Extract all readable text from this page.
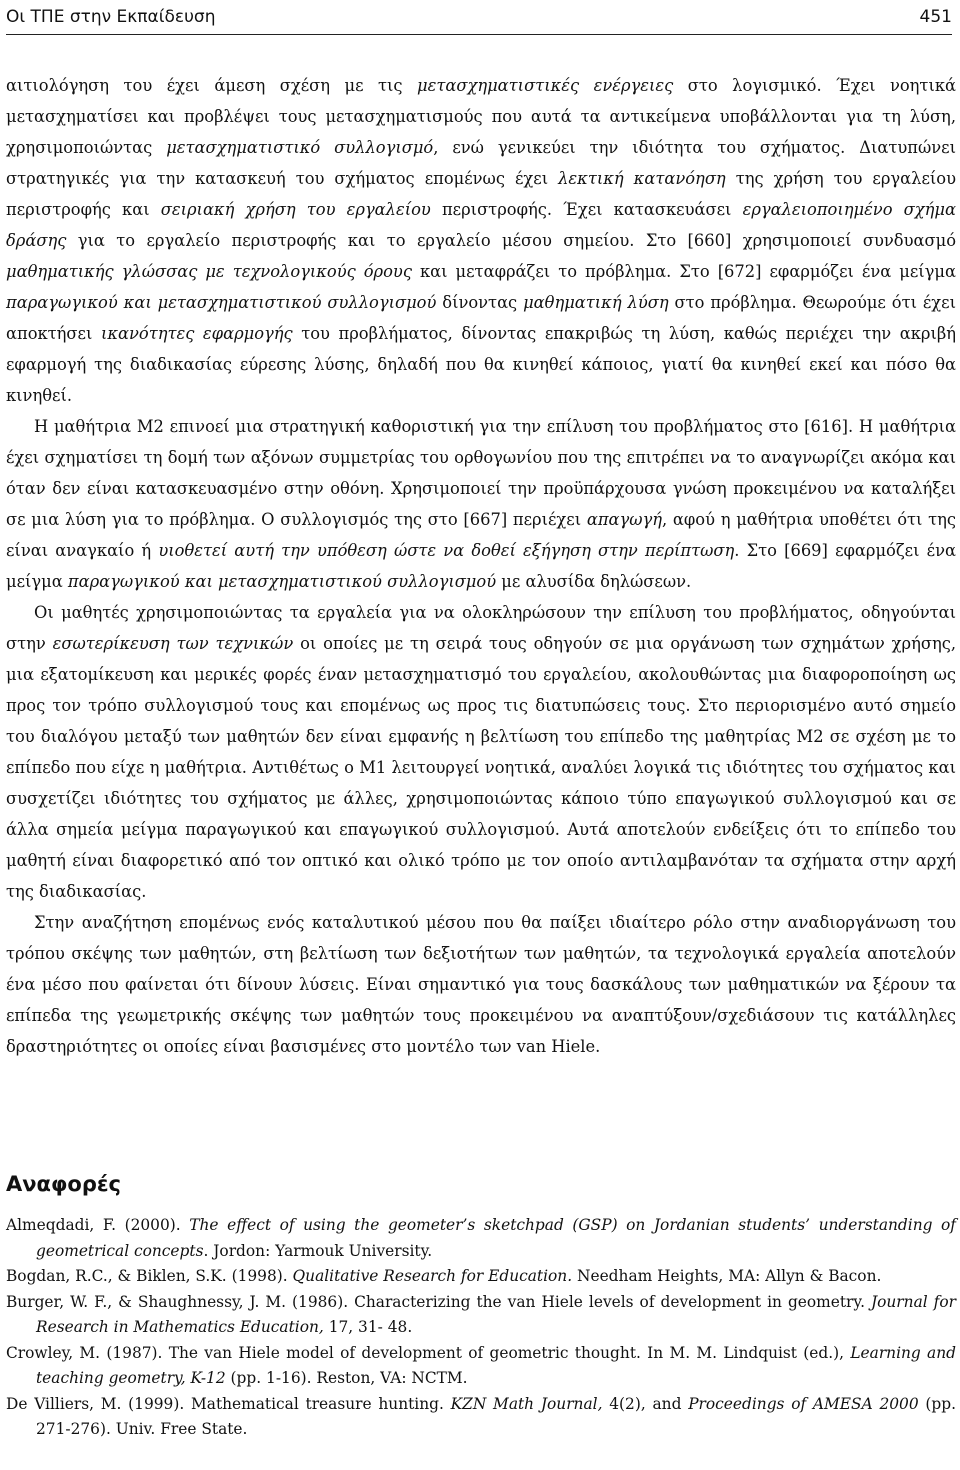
Οι ΤΠΕ στην Εκπαίδευση	451

αιτιολόγηση του έχει άμεση σχέση με τις μετασχηματιστικές ενέργειες στο λογισμικό. Έχει νοητικά μετασχηματίσει και προβλέψει τους μετασχηματισμούς που αυτά τα αντικείμενα υποβάλλονται για τη λύση, χρησιμοποιώντας μετασχηματιστικό συλλογισμό, ενώ γενικεύει την ιδιότητα του σχήματος. Διατυπώνει στρατηγικές για την κατασκευή του σχήματος επομένως έχει λεκτική κατανόηση της χρήση του εργαλείου περιστροφής και σειριακή χρήση του εργαλείου περιστροφής. Έχει κατασκευάσει εργαλειοποιημένο σχήμα δράσης για το εργαλείο περιστροφής και το εργαλείο μέσου σημείου. Στο [660] χρησιμοποιεί συνδυασμό μαθηματικής γλώσσας με τεχνολογικούς όρους και μεταφράζει το πρόβλημα. Στο [672] εφαρμόζει ένα μείγμα παραγωγικού και μετασχηματιστικού συλλογισμού δίνοντας μαθηματική λύση στο πρόβλημα. Θεωρούμε ότι έχει αποκτήσει ικανότητες εφαρμογής του προβλήματος, δίνοντας επακριβώς τη λύση, καθώς περιέχει την ακριβή εφαρμογή της διαδικασίας εύρεσης λύσης, δηλαδή που θα κινηθεί κάποιος, γιατί θα κινηθεί εκεί και πόσο θα κινηθεί.

Η μαθήτρια Μ2 επινοεί μια στρατηγική καθοριστική για την επίλυση του προβλήματος στο [616]. Η μαθήτρια έχει σχηματίσει τη δομή των αξόνων συμμετρίας του ορθογωνίου που της επιτρέπει να το αναγνωρίζει ακόμα και όταν δεν είναι κατασκευασμένο στην οθόνη. Χρησιμοποιεί την προϋπάρχουσα γνώση προκειμένου να καταλήξει σε μια λύση για το πρόβλημα. Ο συλλογισμός της στο [667] περιέχει απαγωγή, αφού η μαθήτρια υποθέτει ότι της είναι αναγκαίο ή υιοθετεί αυτή την υπόθεση ώστε να δοθεί εξήγηση στην περίπτωση. Στο [669] εφαρμόζει ένα μείγμα παραγωγικού και μετασχηματιστικού συλλογισμού με αλυσίδα δηλώσεων.

Οι μαθητές χρησιμοποιώντας τα εργαλεία για να ολοκληρώσουν την επίλυση του προβλήματος, οδηγούνται στην εσωτερίκευση των τεχνικών οι οποίες με τη σειρά τους οδηγούν σε μια οργάνωση των σχημάτων χρήσης, μια εξατομίκευση και μερικές φορές έναν μετασχηματισμό του εργαλείου, ακολουθώντας μια διαφοροποίηση ως προς τον τρόπο συλλογισμού τους και επομένως ως προς τις διατυπώσεις τους. Στο περιορισμένο αυτό σημείο του διαλόγου μεταξύ των μαθητών δεν είναι εμφανής η βελτίωση του επίπεδο της μαθητρίας Μ2 σε σχέση με το επίπεδο που είχε η μαθήτρια. Αντιθέτως ο Μ1 λειτουργεί νοητικά, αναλύει λογικά τις ιδιότητες του σχήματος και συσχετίζει ιδιότητες του σχήματος με άλλες, χρησιμοποιώντας κάποιο τύπο επαγωγικού συλλογισμού και σε άλλα σημεία μείγμα παραγωγικού και επαγωγικού συλλογισμού. Αυτά αποτελούν ενδείξεις ότι το επίπεδο του μαθητή είναι διαφορετικό από τον οπτικό και ολικό τρόπο με τον οποίο αντιλαμβανόταν τα σχήματα στην αρχή της διαδικασίας.

Στην αναζήτηση επομένως ενός καταλυτικού μέσου που θα παίξει ιδιαίτερο ρόλο στην αναδιοργάνωση του τρόπου σκέψης των μαθητών, στη βελτίωση των δεξιοτήτων των μαθητών, τα τεχνολογικά εργαλεία αποτελούν ένα μέσο που φαίνεται ότι δίνουν λύσεις. Είναι σημαντικό για τους δασκάλους των μαθηματικών να ξέρουν τα επίπεδα της γεωμετρικής σκέψης των μαθητών τους προκειμένου να αναπτύξουν/σχεδιάσουν τις κατάλληλες δραστηριότητες οι οποίες είναι βασισμένες στο μοντέλο των van Hiele.

Αναφορές
Almeqdadi, F. (2000). The effect of using the geometer’s sketchpad (GSP) on Jordanian students’ understanding of geometrical concepts. Jordon: Yarmouk University.
Bogdan, R.C., & Biklen, S.K. (1998). Qualitative Research for Education. Needham Heights, MA: Allyn & Bacon.
Burger, W. F., & Shaughnessy, J. M. (1986). Characterizing the van Hiele levels of development in geometry. Journal for Research in Mathematics Education, 17, 31- 48.
Crowley, M. (1987). The van Hiele model of development of geometric thought. In M. M. Lindquist (ed.), Learning and teaching geometry, K-12 (pp. 1-16). Reston, VA: NCTM.
De Villiers, M. (1999). Mathematical treasure hunting. KZN Math Journal, 4(2), and Proceedings of AMESA 2000 (pp. 271-276). Univ. Free State.
